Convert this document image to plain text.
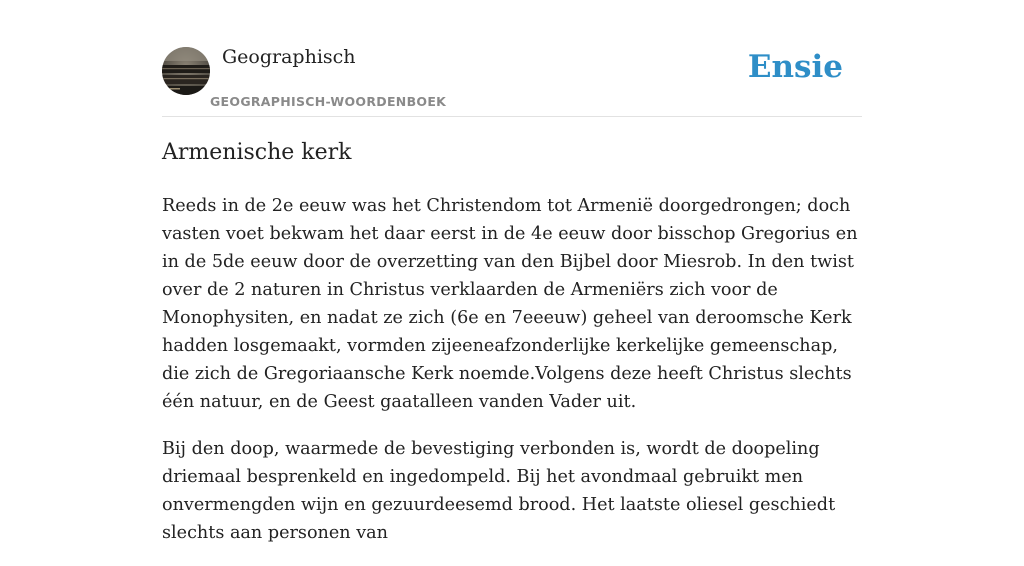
Geographisch
GEOGRAPHISCH-WOORDENBOEK
Ensie
Armenische kerk

Reeds in de 2e eeuw was het Christendom tot Armenië doorgedrongen; doch vasten voet bekwam het daar eerst in de 4e eeuw door bisschop Gregorius en in de 5de eeuw door de overzetting van den Bijbel door Miesrob. In den twist over de 2 naturen in Christus verklaarden de Armeniërs zich voor de Monophysiten, en nadat ze zich (6e en 7eeeuw) geheel van deroomsche Kerk hadden losgemaakt, vormden zijeeneafzonderlijke kerkelijke gemeenschap, die zich de Gregoriaansche Kerk noemde.Volgens deze heeft Christus slechts één natuur, en de Geest gaatalleen vanden Vader uit.

Bij den doop, waarmede de bevestiging verbonden is, wordt de doopeling driemaal besprenkeld en ingedompeld. Bij het avondmaal gebruikt men onvermengden wijn en gezuurdeesemd brood. Het laatste oliesel geschiedt slechts aan personen van
